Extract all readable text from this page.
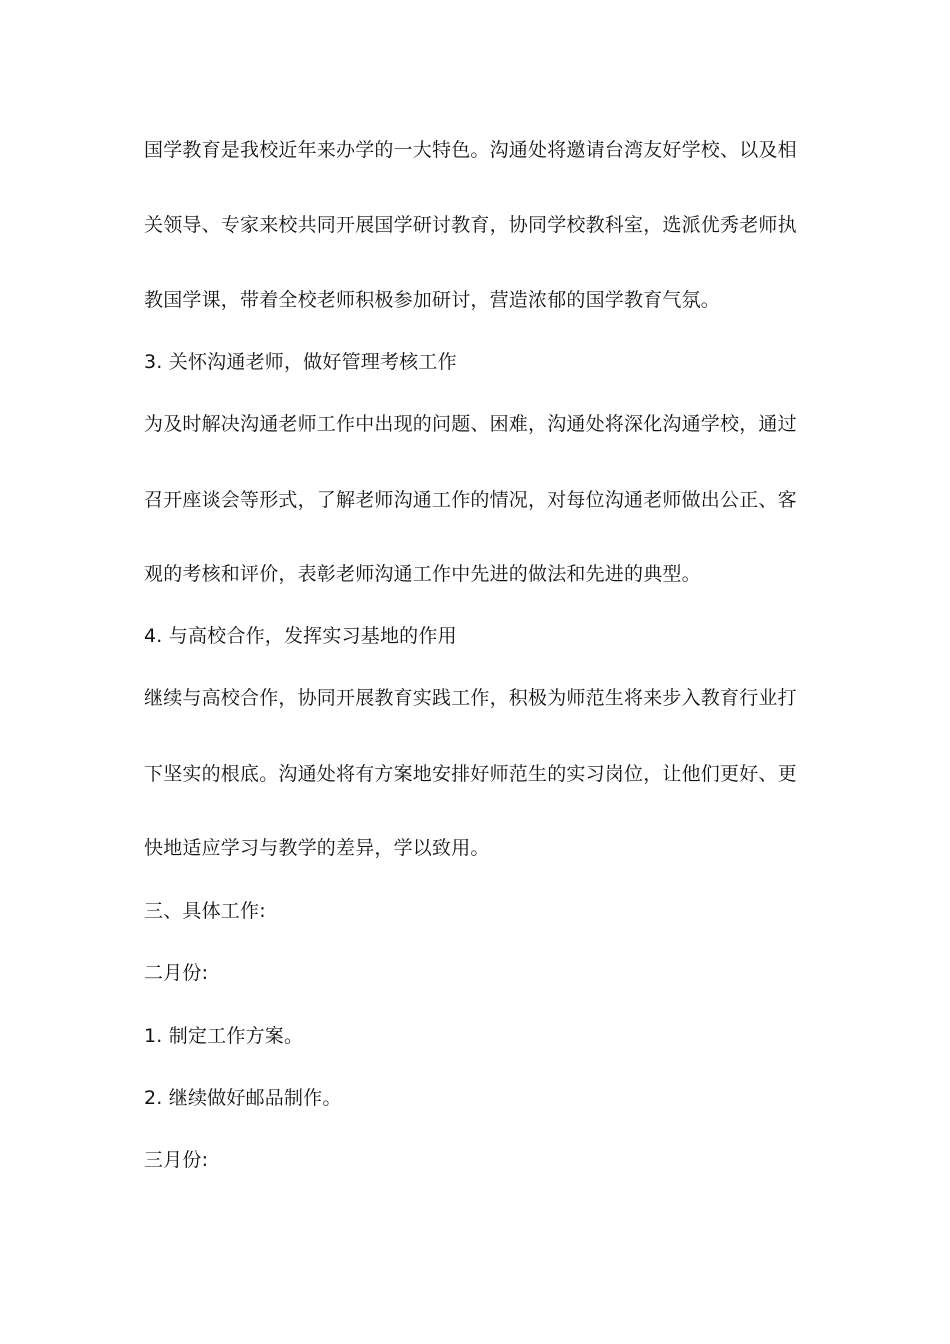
国学教育是我校近年来办学的一大特色。沟通处将邀请台湾友好学校、以及相
关领导、专家来校共同开展国学研讨教育，协同学校教科室，选派优秀老师执
教国学课，带着全校老师积极参加研讨，营造浓郁的国学教育气氛。
3. 关怀沟通老师，做好管理考核工作
为及时解决沟通老师工作中出现的问题、困难，沟通处将深化沟通学校，通过
召开座谈会等形式，了解老师沟通工作的情况，对每位沟通老师做出公正、客
观的考核和评价，表彰老师沟通工作中先进的做法和先进的典型。
4. 与高校合作，发挥实习基地的作用
继续与高校合作，协同开展教育实践工作，积极为师范生将来步入教育行业打
下坚实的根底。沟通处将有方案地安排好师范生的实习岗位，让他们更好、更
快地适应学习与教学的差异，学以致用。
三、具体工作:
二月份:
1. 制定工作方案。
2. 继续做好邮品制作。
三月份:
